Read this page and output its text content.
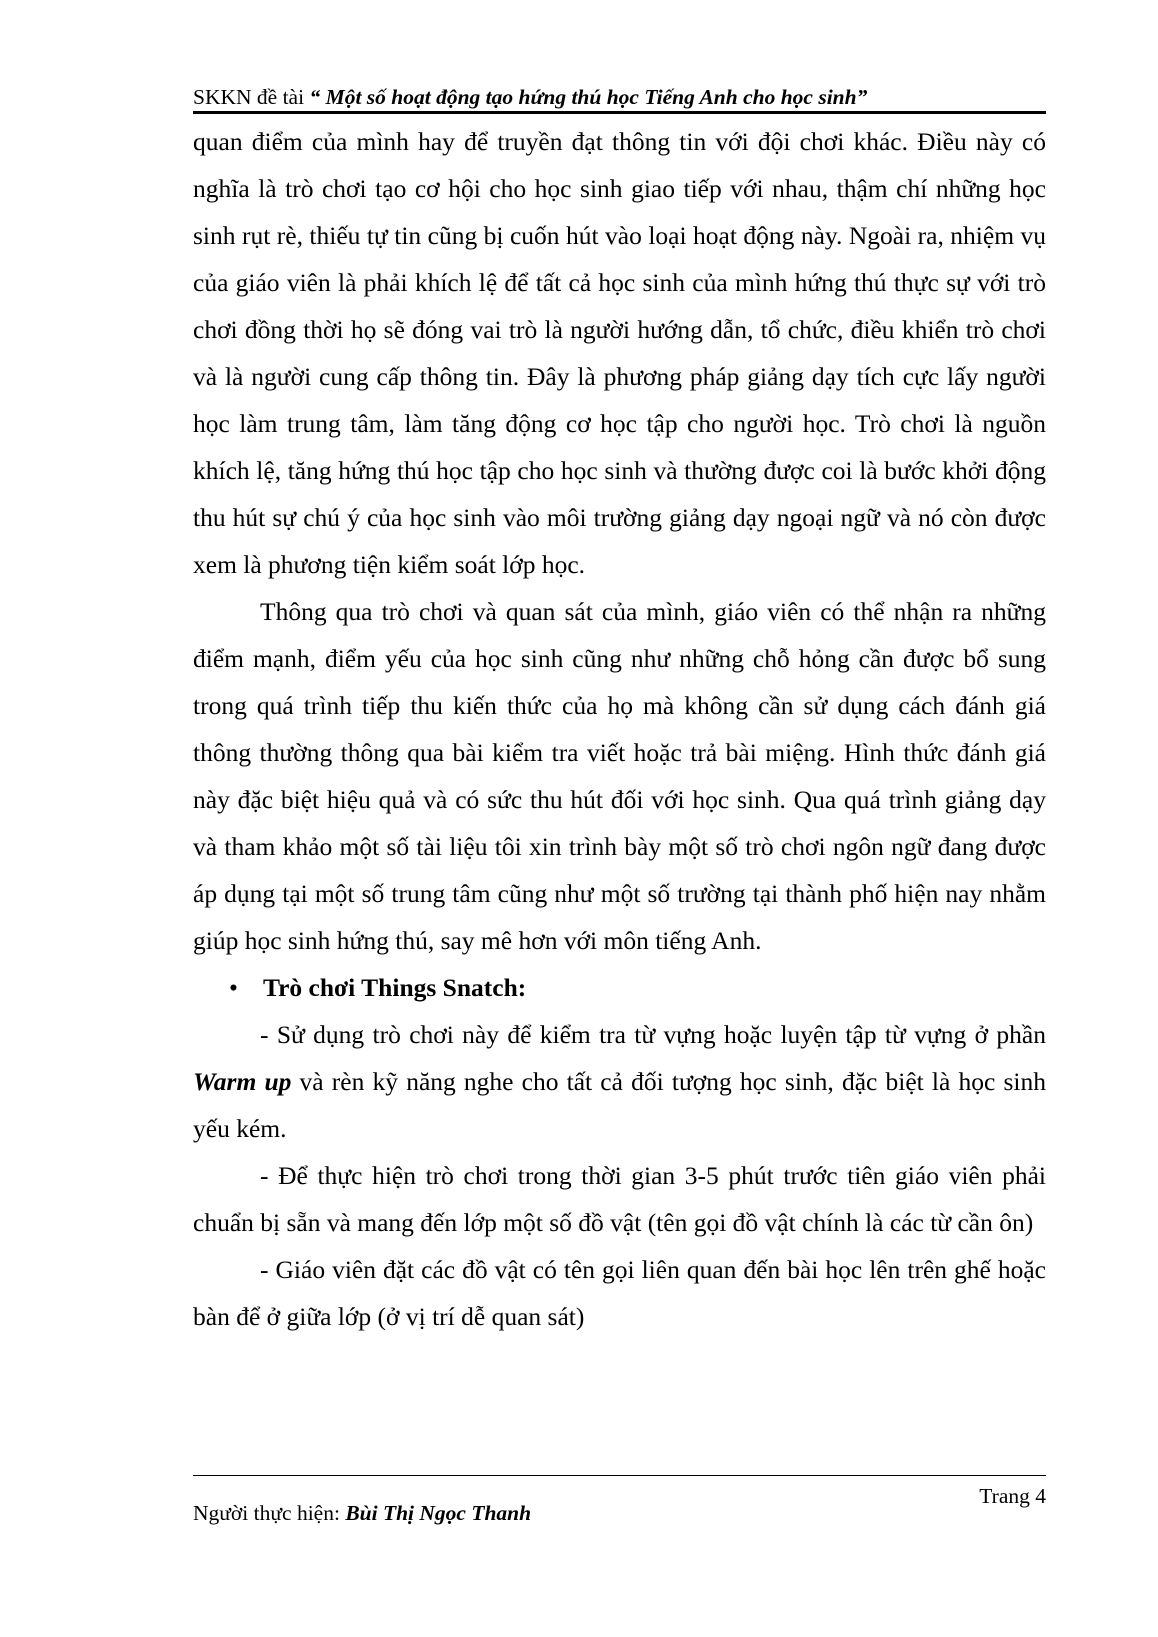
SKKN đề tài “ Một số hoạt động tạo hứng thú học Tiếng Anh cho học sinh”

quan điểm của mình hay để truyền đạt thông tin với đội chơi khác. Điều này có nghĩa là trò chơi tạo cơ hội cho học sinh giao tiếp với nhau, thậm chí những học sinh rụt rè, thiếu tự tin cũng bị cuốn hút vào loại hoạt động này. Ngoài ra, nhiệm vụ của giáo viên là phải khích lệ để tất cả học sinh của mình hứng thú thực sự với trò chơi đồng thời họ sẽ đóng vai trò là người hướng dẫn, tổ chức, điều khiển trò chơi và là người cung cấp thông tin. Đây là phương pháp giảng dạy tích cực lấy người học làm trung tâm, làm tăng động cơ học tập cho người học. Trò chơi là nguồn khích lệ, tăng hứng thú học tập cho học sinh và thường được coi là bước khởi động thu hút sự chú ý của học sinh vào môi trường giảng dạy ngoại ngữ và nó còn được xem là phương tiện kiểm soát lớp học.

Thông qua trò chơi và quan sát của mình, giáo viên có thể nhận ra những điểm mạnh, điểm yếu của học sinh cũng như những chỗ hỏng cần được bổ sung trong quá trình tiếp thu kiến thức của họ mà không cần sử dụng cách đánh giá thông thường thông qua bài kiểm tra viết hoặc trả bài miệng. Hình thức đánh giá này đặc biệt hiệu quả và có sức thu hút đối với học sinh. Qua quá trình giảng dạy và tham khảo một số tài liệu tôi xin trình bày một số trò chơi ngôn ngữ đang được áp dụng tại một số trung tâm cũng như một số trường tại thành phố hiện nay nhằm giúp học sinh hứng thú, say mê hơn với môn tiếng Anh.

• Trò chơi Things Snatch:

- Sử dụng trò chơi này để kiểm tra từ vựng hoặc luyện tập từ vựng ở phần Warm up và rèn kỹ năng nghe cho tất cả đối tượng học sinh, đặc biệt là học sinh yếu kém.

- Để thực hiện trò chơi trong thời gian 3-5 phút trước tiên giáo viên phải chuẩn bị sẵn và mang đến lớp một số đồ vật (tên gọi đồ vật chính là các từ cần ôn)

- Giáo viên đặt các đồ vật có tên gọi liên quan đến bài học lên trên ghế hoặc bàn để ở giữa lớp (ở vị trí dễ quan sát)

Người thực hiện: Bùi Thị Ngọc Thanh
Trang 4
